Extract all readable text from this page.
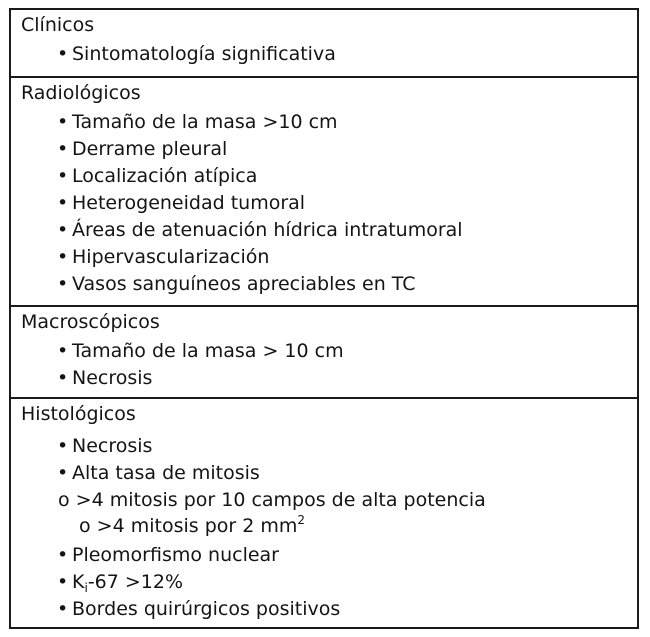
Clínicos
• Sintomatología significativa
Radiológicos
• Tamaño de la masa >10 cm
• Derrame pleural
• Localización atípica
• Heterogeneidad tumoral
• Áreas de atenuación hídrica intratumoral
• Hipervascularización
• Vasos sanguíneos apreciables en TC
Macroscópicos
• Tamaño de la masa > 10 cm
• Necrosis
Histológicos
• Necrosis
• Alta tasa de mitosis
o >4 mitosis por 10 campos de alta potencia
o >4 mitosis por 2 $mm^2$
• Pleomorfismo nuclear
• $K_i-67 >12\%$
• Bordes quirúrgicos positivos
